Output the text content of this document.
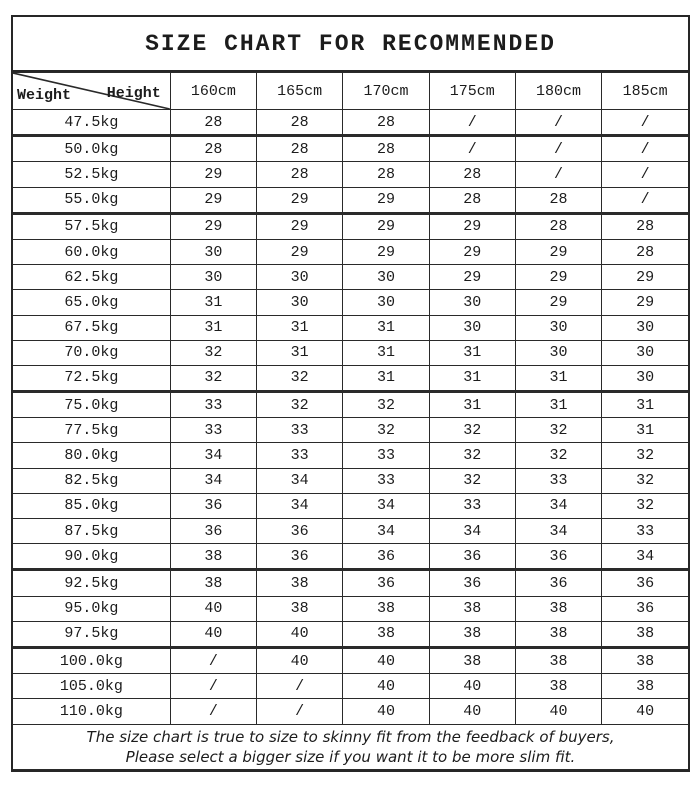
SIZE CHART FOR RECOMMENDED
Weight Height	160cm	165cm	170cm	175cm	180cm	185cm
47.5kg	28	28	28	/	/	/
50.0kg	28	28	28	/	/	/
52.5kg	29	28	28	28	/	/
55.0kg	29	29	29	28	28	/
57.5kg	29	29	29	29	28	28
60.0kg	30	29	29	29	29	28
62.5kg	30	30	30	29	29	29
65.0kg	31	30	30	30	29	29
67.5kg	31	31	31	30	30	30
70.0kg	32	31	31	31	30	30
72.5kg	32	32	31	31	31	30
75.0kg	33	32	32	31	31	31
77.5kg	33	33	32	32	32	31
80.0kg	34	33	33	32	32	32
82.5kg	34	34	33	32	33	32
85.0kg	36	34	34	33	34	32
87.5kg	36	36	34	34	34	33
90.0kg	38	36	36	36	36	34
92.5kg	38	38	36	36	36	36
95.0kg	40	38	38	38	38	36
97.5kg	40	40	38	38	38	38
100.0kg	/	40	40	38	38	38
105.0kg	/	/	40	40	38	38
110.0kg	/	/	40	40	40	40

The size chart is true to size to skinny fit from the feedback of buyers,
Please select a bigger size if you want it to be more slim fit.						
